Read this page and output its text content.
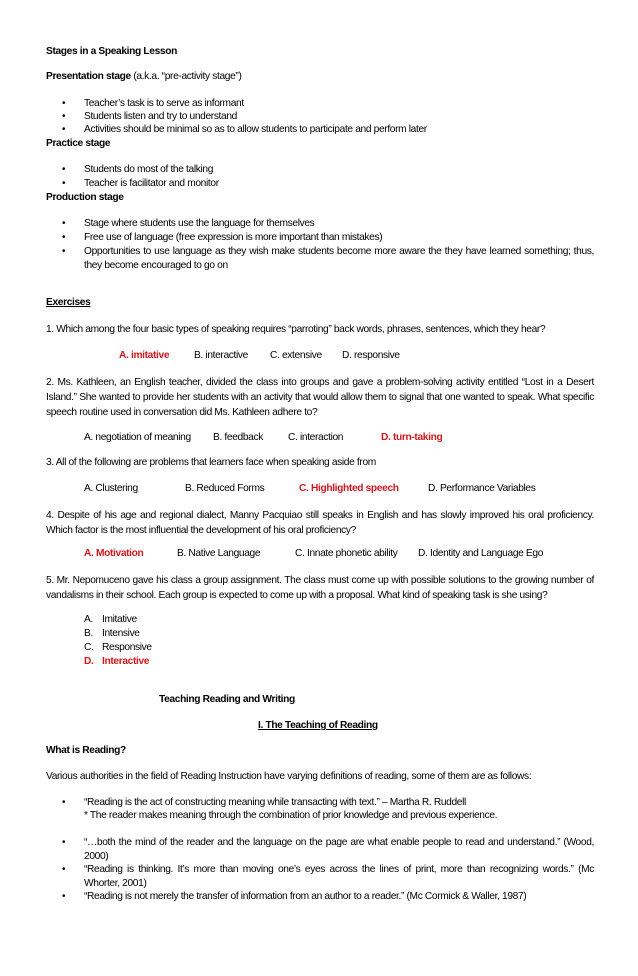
Stages in a Speaking Lesson
Presentation stage (a.k.a. “pre-activity stage”)
• Teacher’s task is to serve as informant
• Students listen and try to understand
• Activities should be minimal so as to allow students to participate and perform later
Practice stage
• Students do most of the talking
• Teacher is facilitator and monitor
Production stage
• Stage where students use the language for themselves
• Free use of language (free expression is more important than mistakes)
• Opportunities to use language as they wish make students become more aware the they have learned something; thus, they become encouraged to go on
Exercises
1. Which among the four basic types of speaking requires “parroting” back words, phrases, sentences, which they hear?
A. imitative B. interactive C. extensive D. responsive
2. Ms. Kathleen, an English teacher, divided the class into groups and gave a problem-solving activity entitled “Lost in a Desert Island.” She wanted to provide her students with an activity that would allow them to signal that one wanted to speak. What specific speech routine used in conversation did Ms. Kathleen adhere to?
A. negotiation of meaning B. feedback C. interaction	D. turn-taking
3. All of the following are problems that learners face when speaking aside from
A. Clustering	B. Reduced Forms	C. Highlighted speech	D. Performance Variables
4. Despite of his age and regional dialect, Manny Pacquiao still speaks in English and has slowly improved his oral proficiency. Which factor is the most influential the development of his oral proficiency?
A. Motivation	B. Native Language	C. Innate phonetic ability D. Identity and Language Ego
5. Mr. Nepomuceno gave his class a group assignment. The class must come up with possible solutions to the growing number of vandalisms in their school. Each group is expected to come up with a proposal. What kind of speaking task is she using?
A. Imitative
B. Intensive
C. Responsive
D. Interactive
Teaching Reading and Writing
I. The Teaching of Reading
What is Reading?
Various authorities in the field of Reading Instruction have varying definitions of reading, some of them are as follows:
• “Reading is the act of constructing meaning while transacting with text.” – Martha R. Ruddell
* The reader makes meaning through the combination of prior knowledge and previous experience.
• “…both the mind of the reader and the language on the page are what enable people to read and understand.” (Wood, 2000)
• “Reading is thinking. It’s more than moving one’s eyes across the lines of print, more than recognizing words.” (Mc Whorter, 2001)
• “Reading is not merely the transfer of information from an author to a reader.” (Mc Cormick & Waller, 1987)
